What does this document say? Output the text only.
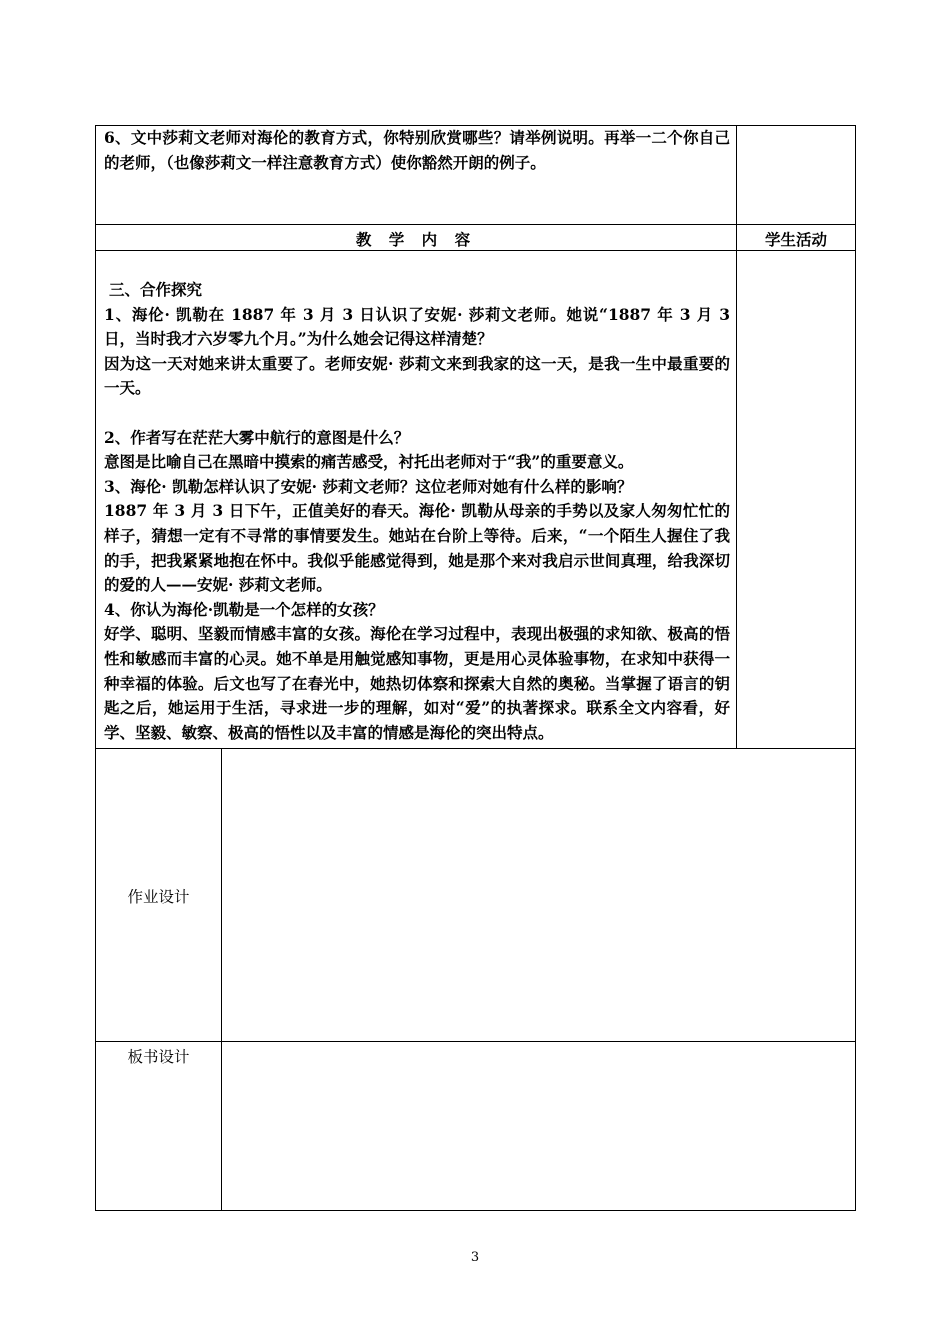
6、文中莎莉文老师对海伦的教育方式，你特别欣赏哪些？请举例说明。再举一二个你自己的老师，（也像莎莉文一样注意教育方式）使你豁然开朗的例子。

教 学 内 容	学生活动

三、合作探究

1、海伦· 凯勒在 1887 年 3 月 3 日认识了安妮· 莎莉文老师。她说“1887 年 3 月 3 日，当时我才六岁零九个月。”为什么她会记得这样清楚？

因为这一天对她来讲太重要了。老师安妮· 莎莉文来到我家的这一天，是我一生中最重要的一天。

2、作者写在茫茫大雾中航行的意图是什么？

意图是比喻自己在黑暗中摸索的痛苦感受，衬托出老师对于“我”的重要意义。

3、海伦· 凯勒怎样认识了安妮· 莎莉文老师？这位老师对她有什么样的影响？

1887 年 3 月 3 日下午，正值美好的春天。海伦· 凯勒从母亲的手势以及家人匆匆忙忙的样子，猜想一定有不寻常的事情要发生。她站在台阶上等待。后来，“一个陌生人握住了我的手，把我紧紧地抱在怀中。我似乎能感觉得到，她是那个来对我启示世间真理，给我深切的爱的人——安妮· 莎莉文老师。

4、你认为海伦·凯勒是一个怎样的女孩？

好学、聪明、坚毅而情感丰富的女孩。海伦在学习过程中，表现出极强的求知欲、极高的悟性和敏感而丰富的心灵。她不单是用触觉感知事物，更是用心灵体验事物，在求知中获得一种幸福的体验。后文也写了在春光中，她热切体察和探索大自然的奥秘。当掌握了语言的钥匙之后，她运用于生活，寻求进一步的理解，如对“爱”的执著探求。联系全文内容看，好学、坚毅、敏察、极高的悟性以及丰富的情感是海伦的突出特点。

作业设计
板书设计
3
